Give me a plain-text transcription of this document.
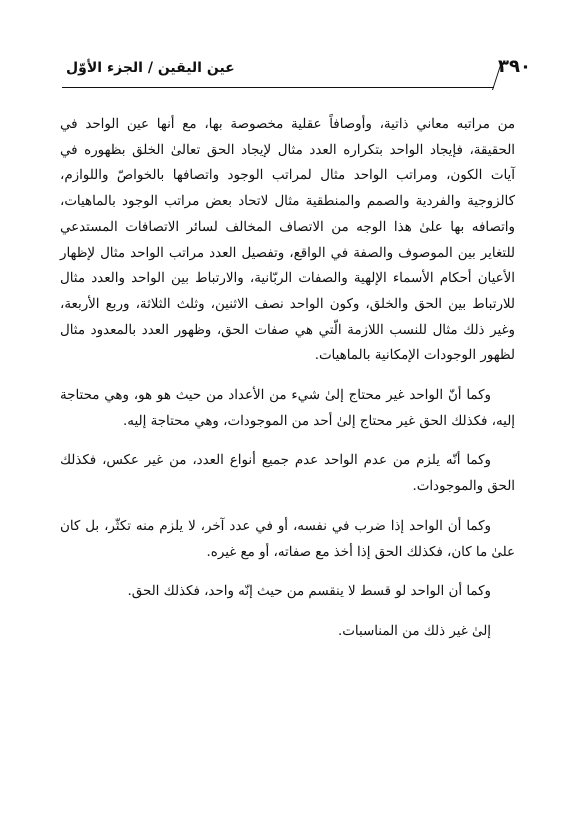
٣٩٠
عين اليقين / الجزء الأوّل

من مراتبه معاني ذاتية، وأوصافاً عقلية مخصوصة بها، مع أنها عين الواحد في الحقيقة، فإيجاد الواحد بتكراره العدد مثال لإيجاد الحق تعالىٰ الخلق بظهوره في آيات الكون، ومراتب الواحد مثال لمراتب الوجود واتصافها بالخواصّ واللوازم، كالزوجية والفردية والصمم والمنطقية مثال لاتحاد بعض مراتب الوجود بالماهيات، واتصافه بها علىٰ هذا الوجه من الاتصاف المخالف لسائر الاتصافات المستدعي للتغاير بين الموصوف والصفة في الواقع، وتفصيل العدد مراتب الواحد مثال لإظهار الأعيان أحكام الأسماء الإلهية والصفات الربّانية، والارتباط بين الواحد والعدد مثال للارتباط بين الحق والخلق، وكون الواحد نصف الاثنين، وثلث الثلاثة، وربع الأربعة، وغير ذلك مثال للنسب اللازمة الّتي هي صفات الحق، وظهور العدد بالمعدود مثال لظهور الوجودات الإمكانية بالماهيات.

وكما أنّ الواحد غير محتاج إلىٰ شيء من الأعداد من حيث هو هو، وهي محتاجة إليه، فكذلك الحق غير محتاج إلىٰ أحد من الموجودات، وهي محتاجة إليه.

وكما أنّه يلزم من عدم الواحد عدم جميع أنواع العدد، من غير عكس، فكذلك الحق والموجودات.

وكما أن الواحد إذا ضرب في نفسه، أو في عدد آخر، لا يلزم منه تكثّر، بل كان علىٰ ما كان، فكذلك الحق إذا أخذ مع صفاته، أو مع غيره.

وكما أن الواحد لو قسط لا ينقسم من حيث إنّه واحد، فكذلك الحق.

إلىٰ غير ذلك من المناسبات.
